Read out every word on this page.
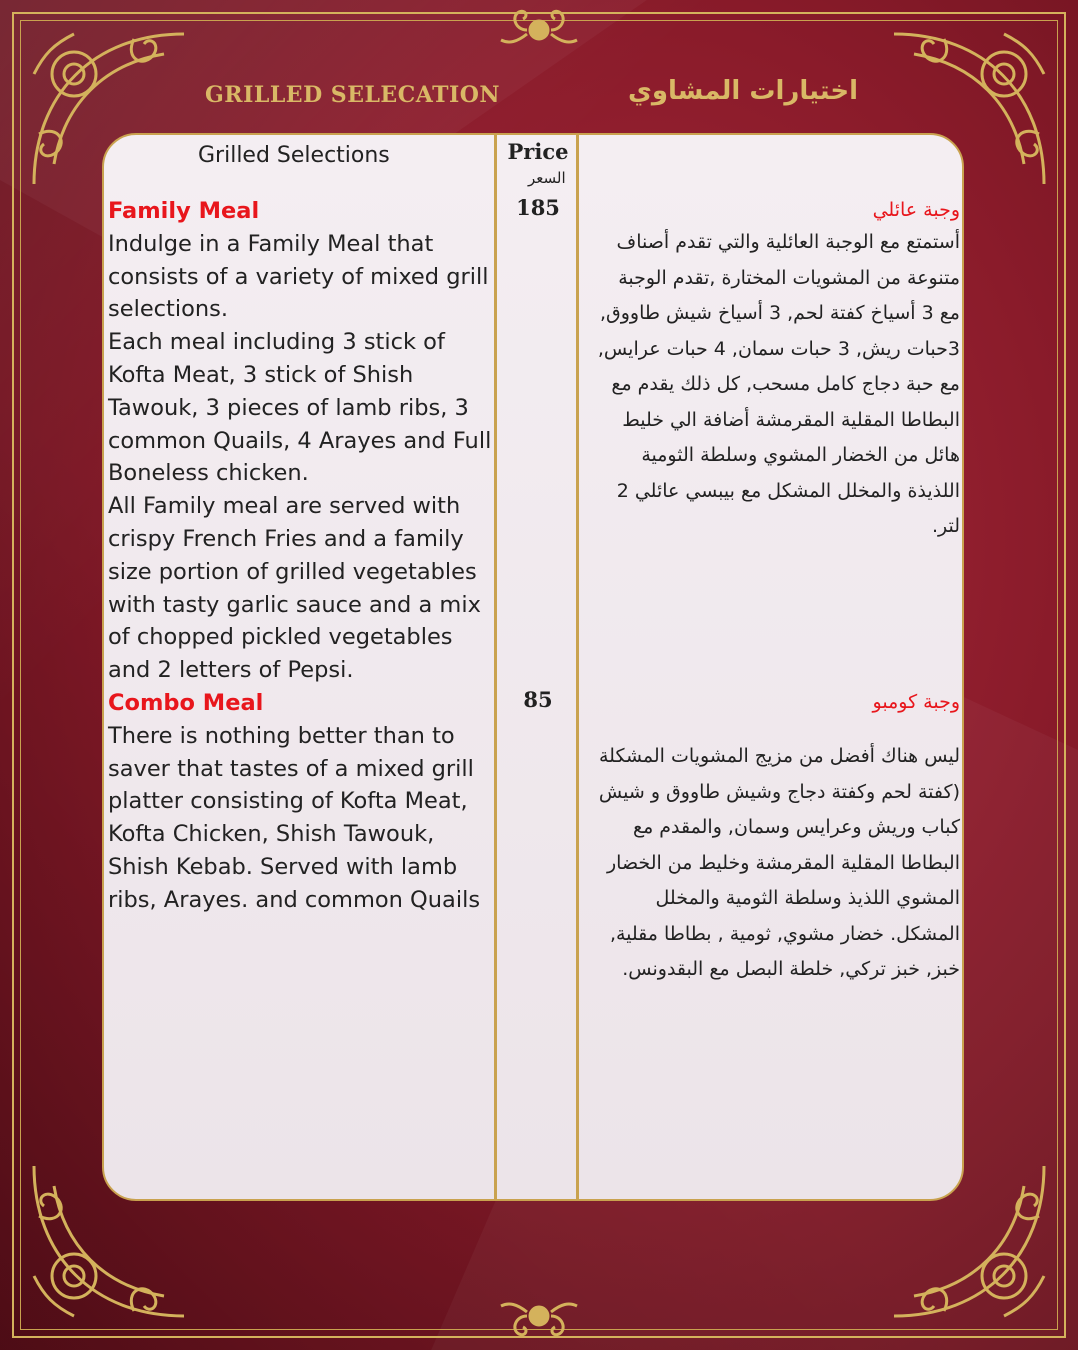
GRILLED SELECATION	اختيارات المشاوي
Grilled Selections	Price
السعر
Family Meal
Indulge in a Family Meal that consists of a variety of mixed grill selections.
Each meal including 3 stick of Kofta Meat, 3 stick of Shish Tawouk, 3 pieces of lamb ribs, 3 common Quails, 4 Arayes and Full Boneless chicken.
All Family meal are served with crispy French Fries and a family size portion of grilled vegetables with tasty garlic sauce and a mix of chopped pickled vegetables and 2 letters of Pepsi.
Combo Meal
There is nothing better than to saver that tastes of a mixed grill platter consisting of Kofta Meat, Kofta Chicken, Shish Tawouk, Shish Kebab. Served with lamb ribs, Arayes. and common Quails
185
85
وجبة عائلي
أستمتع مع الوجبة العائلية والتي تقدم أصناف متنوعة من المشويات المختارة ,تقدم الوجبة مع 3 أسياخ كفتة لحم, 3 أسياخ شيش طاووق, 3حبات ريش, 3 حبات سمان, 4 حبات عرايس, مع حبة دجاج كامل مسحب, كل ذلك يقدم مع البطاطا المقلية المقرمشة أضافة الي خليط هائل من الخضار المشوي وسلطة الثومية اللذيذة والمخلل المشكل مع بيبسي عائلي 2 لتر.
وجبة كومبو
ليس هناك أفضل من مزيج المشويات المشكلة (كفتة لحم وكفتة دجاج وشيش طاووق و شيش كباب وريش وعرايس وسمان, والمقدم مع البطاطا المقلية المقرمشة وخليط من الخضار المشوي اللذيذ وسلطة الثومية والمخلل المشكل. خضار مشوي, ثومية , بطاطا مقلية, خبز, خبز تركي, خلطة البصل مع البقدونس.
